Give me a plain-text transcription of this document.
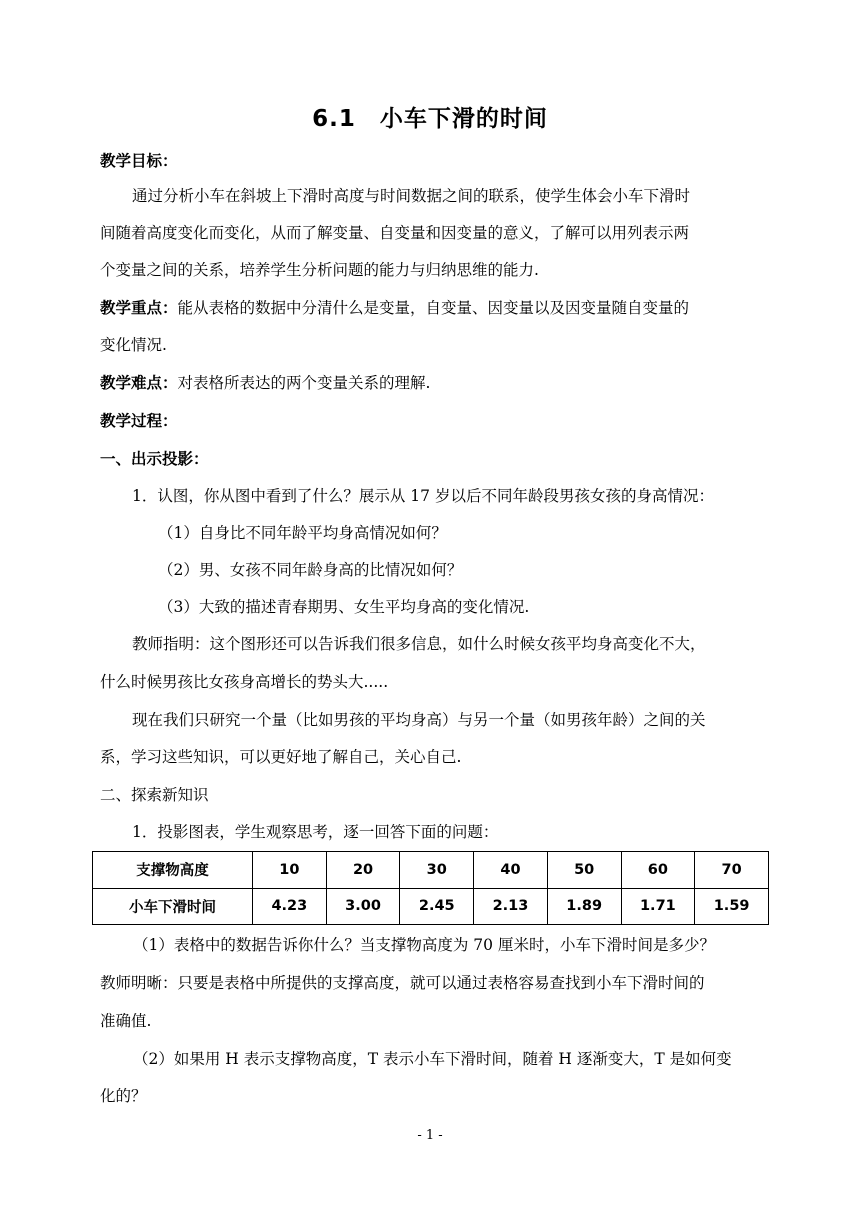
6.1　小车下滑的时间
教学目标：
通过分析小车在斜坡上下滑时高度与时间数据之间的联系，使学生体会小车下滑时
间随着高度变化而变化，从而了解变量、自变量和因变量的意义，了解可以用列表示两
个变量之间的关系，培养学生分析问题的能力与归纳思维的能力.
教学重点：能从表格的数据中分清什么是变量，自变量、因变量以及因变量随自变量的
变化情况.
教学难点：对表格所表达的两个变量关系的理解.
教学过程：
一、出示投影：
1．认图，你从图中看到了什么？展示从 17 岁以后不同年龄段男孩女孩的身高情况：
（1）自身比不同年龄平均身高情况如何？
（2）男、女孩不同年龄身高的比情况如何？
（3）大致的描述青春期男、女生平均身高的变化情况.
教师指明：这个图形还可以告诉我们很多信息，如什么时候女孩平均身高变化不大，
什么时候男孩比女孩身高增长的势头大.....
现在我们只研究一个量（比如男孩的平均身高）与另一个量（如男孩年龄）之间的关
系，学习这些知识，可以更好地了解自己，关心自己.
二、探索新知识
1．投影图表，学生观察思考，逐一回答下面的问题：
支撑物高度	10	20	30	40	50	60	70
小车下滑时间	4.23	3.00	2.45	2.13	1.89	1.71	1.59
（1）表格中的数据告诉你什么？当支撑物高度为 70 厘米时，小车下滑时间是多少？
教师明晰：只要是表格中所提供的支撑高度，就可以通过表格容易查找到小车下滑时间的
准确值.
（2）如果用 H 表示支撑物高度，T 表示小车下滑时间，随着 H 逐渐变大，T 是如何变
化的？
- 1 -
